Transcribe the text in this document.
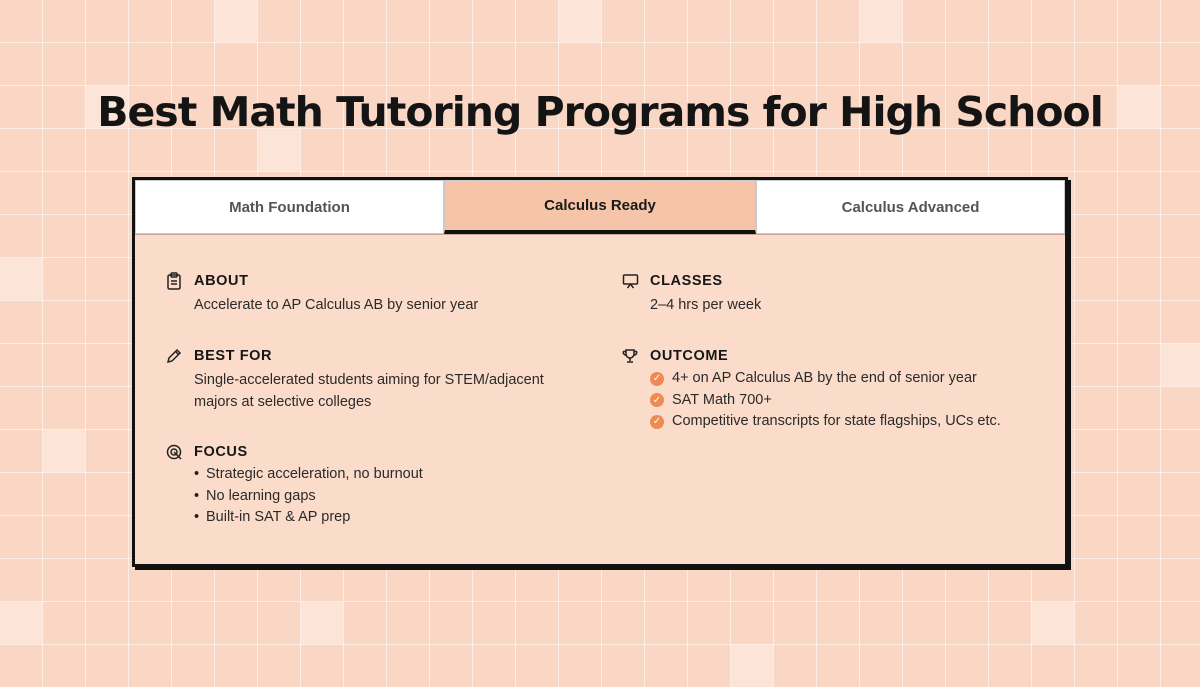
Best Math Tutoring Programs for High School
Math Foundation	Calculus Ready	Calculus Advanced
ABOUT
Accelerate to AP Calculus AB by senior year
BEST FOR
Single-accelerated students aiming for STEM/adjacent
majors at selective colleges
FOCUS
• Strategic acceleration, no burnout
• No learning gaps
• Built-in SAT & AP prep
CLASSES
2–4 hrs per week
OUTCOME
✓ 4+ on AP Calculus AB by the end of senior year
✓ SAT Math 700+
✓ Competitive transcripts for state flagships, UCs etc.
